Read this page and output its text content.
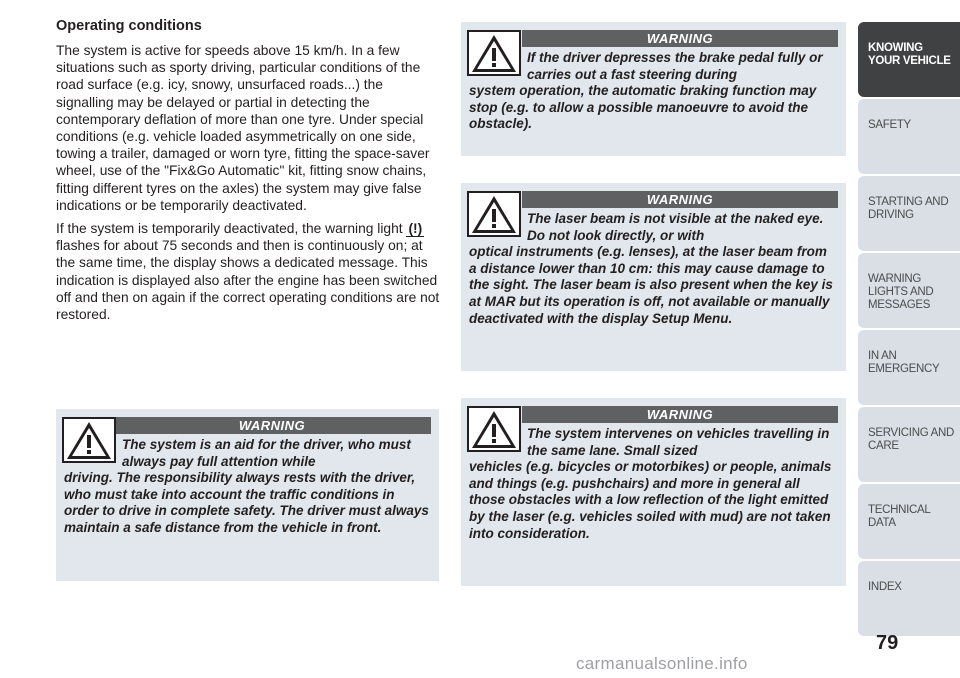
Operating conditions

The system is active for speeds above 15 km/h. In a few situations such as sporty driving, particular conditions of the road surface (e.g. icy, snowy, unsurfaced roads...) the signalling may be delayed or partial in detecting the contemporary deflation of more than one tyre. Under special conditions (e.g. vehicle loaded asymmetrically on one side, towing a trailer, damaged or worn tyre, fitting the space-saver wheel, use of the "Fix&Go Automatic" kit, fitting snow chains, fitting different tyres on the axles) the system may give false indications or be temporarily deactivated.

If the system is temporarily deactivated, the warning light (!) flashes for about 75 seconds and then is continuously on; at the same time, the display shows a dedicated message. This indication is displayed also after the engine has been switched off and then on again if the correct operating conditions are not restored.

WARNING
The system is an aid for the driver, who must always pay full attention while
driving. The responsibility always rests with the driver, who must take into account the traffic conditions in order to drive in complete safety. The driver must always maintain a safe distance from the vehicle in front.
WARNING
If the driver depresses the brake pedal fully or carries out a fast steering during
system operation, the automatic braking function may stop (e.g. to allow a possible manoeuvre to avoid the obstacle).
WARNING
The laser beam is not visible at the naked eye. Do not look directly, or with
optical instruments (e.g. lenses), at the laser beam from a distance lower than 10 cm: this may cause damage to the sight. The laser beam is also present when the key is at MAR but its operation is off, not available or manually deactivated with the display Setup Menu.
WARNING
The system intervenes on vehicles travelling in the same lane. Small sized
vehicles (e.g. bicycles or motorbikes) or people, animals and things (e.g. pushchairs) and more in general all those obstacles with a low reflection of the light emitted by the laser (e.g. vehicles soiled with mud) are not taken into consideration.
KNOWING YOUR VEHICLE
SAFETY
STARTING AND DRIVING
WARNING LIGHTS AND MESSAGES
IN AN EMERGENCY
SERVICING AND CARE
TECHNICAL DATA
INDEX
79
carmanualsonline.info
